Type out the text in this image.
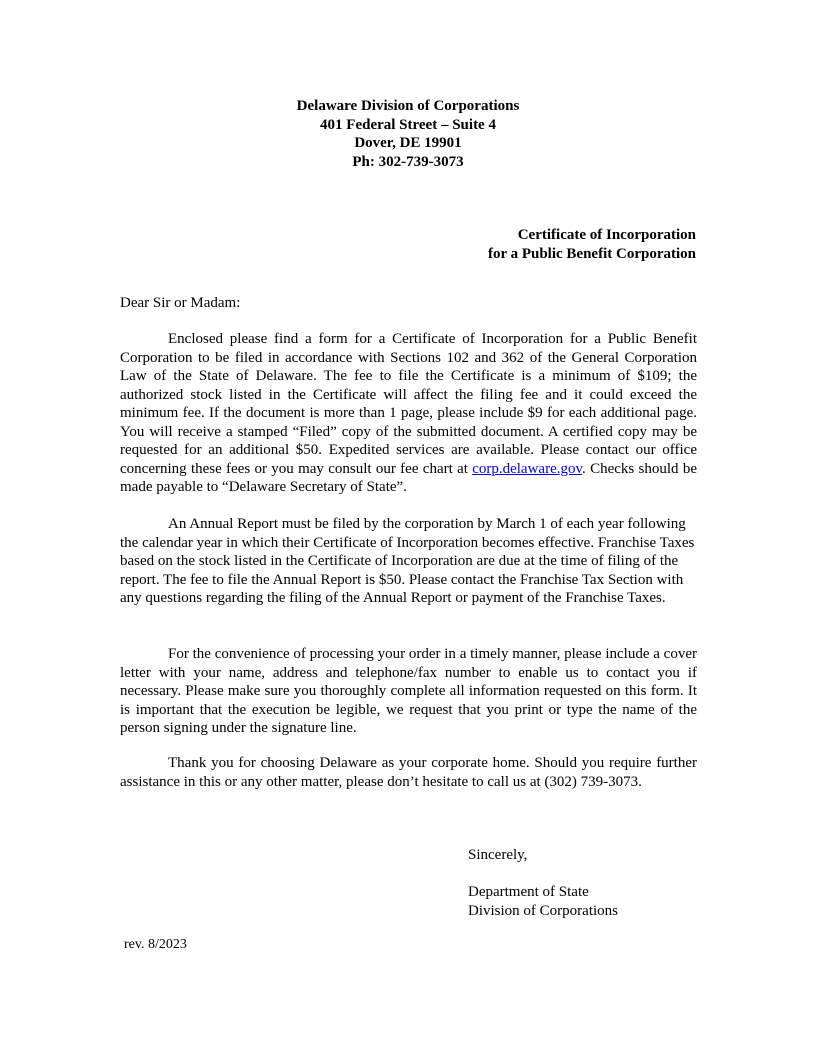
Delaware Division of Corporations
401 Federal Street – Suite 4
Dover, DE 19901
Ph: 302-739-3073
Certificate of Incorporation
for a Public Benefit Corporation
Dear Sir or Madam:
Enclosed please find a form for a Certificate of Incorporation for a Public Benefit Corporation to be filed in accordance with Sections 102 and 362 of the General Corporation Law of the State of Delaware. The fee to file the Certificate is a minimum of $109; the authorized stock listed in the Certificate will affect the filing fee and it could exceed the minimum fee. If the document is more than 1 page, please include $9 for each additional page. You will receive a stamped “Filed” copy of the submitted document. A certified copy may be requested for an additional $50. Expedited services are available. Please contact our office concerning these fees or you may consult our fee chart at corp.delaware.gov. Checks should be made payable to “Delaware Secretary of State”.
An Annual Report must be filed by the corporation by March 1 of each year following the calendar year in which their Certificate of Incorporation becomes effective. Franchise Taxes based on the stock listed in the Certificate of Incorporation are due at the time of filing of the report. The fee to file the Annual Report is $50. Please contact the Franchise Tax Section with any questions regarding the filing of the Annual Report or payment of the Franchise Taxes.
For the convenience of processing your order in a timely manner, please include a cover letter with your name, address and telephone/fax number to enable us to contact you if necessary. Please make sure you thoroughly complete all information requested on this form. It is important that the execution be legible, we request that you print or type the name of the person signing under the signature line.
Thank you for choosing Delaware as your corporate home. Should you require further assistance in this or any other matter, please don’t hesitate to call us at (302) 739-3073.
Sincerely,
Department of State
Division of Corporations
rev. 8/2023
